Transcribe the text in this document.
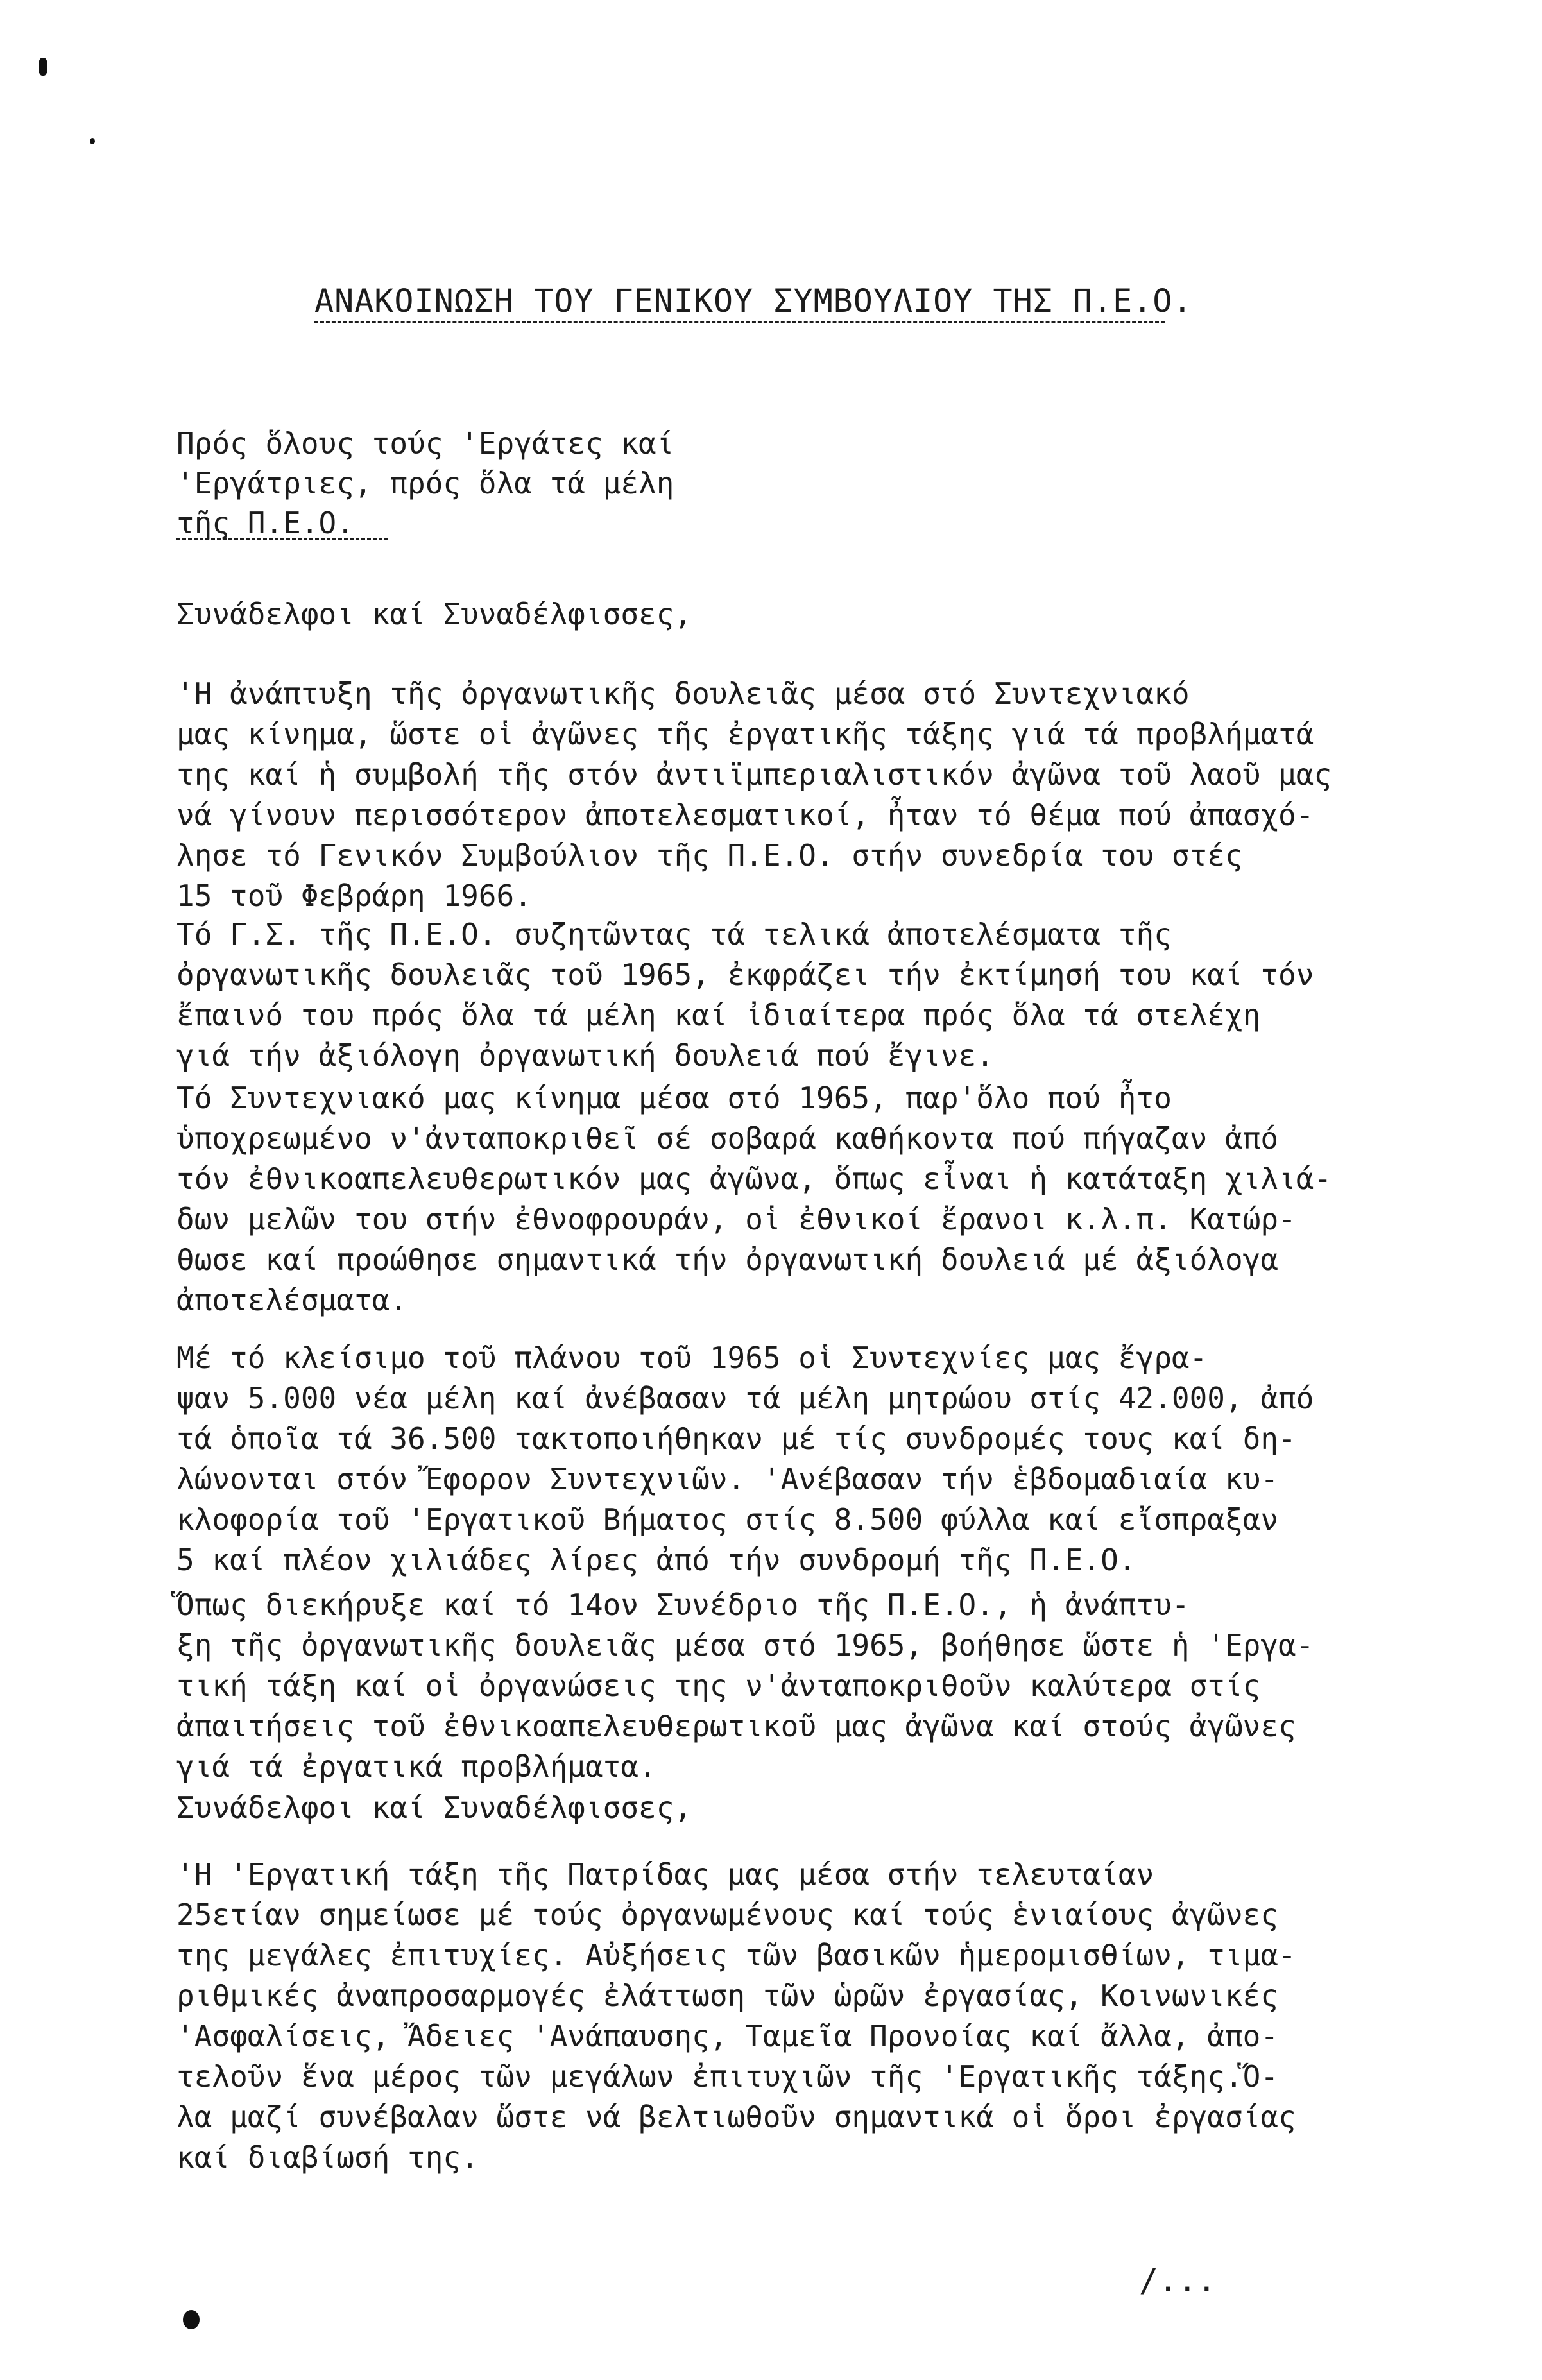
ΑΝΑΚΟΙΝΩΣΗ ΤΟΥ ΓΕΝΙΚΟΥ ΣΥΜΒΟΥΛΙΟΥ ΤΗΣ Π.Ε.Ο.
Πρός ὅλους τούς 'Εργάτες καί
'Εργάτριες, πρός ὅλα τά μέλη
τῆς Π.Ε.Ο.
Συνάδελφοι καί Συναδέλφισσες,
'Η ἀνάπτυξη τῆς ὀργανωτικῆς δουλειᾶς μέσα στό Συντεχνιακό
μας κίνημα, ὥστε οἱ ἀγῶνες τῆς ἐργατικῆς τάξης γιά τά προβλήματά
της καί ἡ συμβολή τῆς στόν ἀντιϊμπεριαλιστικόν ἀγῶνα τοῦ λαοῦ μας
νά γίνουν περισσότερον ἀποτελεσματικοί, ἦταν τό θέμα πού ἀπασχό-
λησε τό Γενικόν Συμβούλιον τῆς Π.Ε.Ο. στήν συνεδρία του στές
15 τοῦ Φεβράρη 1966.
Τό Γ.Σ. τῆς Π.Ε.Ο. συζητῶντας τά τελικά ἀποτελέσματα τῆς
ὀργανωτικῆς δουλειᾶς τοῦ 1965, ἐκφράζει τήν ἐκτίμησή του καί τόν
ἔπαινό του πρός ὅλα τά μέλη καί ἰδιαίτερα πρός ὅλα τά στελέχη
γιά τήν ἀξιόλογη ὀργανωτική δουλειά πού ἔγινε.
Τό Συντεχνιακό μας κίνημα μέσα στό 1965, παρ'ὅλο πού ἦτο
ὑποχρεωμένο ν'ἀνταποκριθεῖ σέ σοβαρά καθήκοντα πού πήγαζαν ἀπό
τόν ἐθνικοαπελευθερωτικόν μας ἀγῶνα, ὅπως εἶναι ἡ κατάταξη χιλιά-
δων μελῶν του στήν ἐθνοφρουράν, οἱ ἐθνικοί ἔρανοι κ.λ.π. Κατώρ-
θωσε καί προώθησε σημαντικά τήν ὀργανωτική δουλειά μέ ἀξιόλογα
ἀποτελέσματα.
Μέ τό κλείσιμο τοῦ πλάνου τοῦ 1965 οἱ Συντεχνίες μας ἔγρα-
ψαν 5.000 νέα μέλη καί ἀνέβασαν τά μέλη μητρώου στίς 42.000, ἀπό
τά ὁποῖα τά 36.500 τακτοποιήθηκαν μέ τίς συνδρομές τους καί δη-
λώνονται στόν Ἔφορον Συντεχνιῶν. 'Ανέβασαν τήν ἑβδομαδιαία κυ-
κλοφορία τοῦ 'Εργατικοῦ Βήματος στίς 8.500 φύλλα καί εἴσπραξαν
5 καί πλέον χιλιάδες λίρες ἀπό τήν συνδρομή τῆς Π.Ε.Ο.
Ὅπως διεκήρυξε καί τό 14ον Συνέδριο τῆς Π.Ε.Ο., ἡ ἀνάπτυ-
ξη τῆς ὀργανωτικῆς δουλειᾶς μέσα στό 1965, βοήθησε ὥστε ἡ 'Εργα-
τική τάξη καί οἱ ὀργανώσεις της ν'ἀνταποκριθοῦν καλύτερα στίς
ἀπαιτήσεις τοῦ ἐθνικοαπελευθερωτικοῦ μας ἀγῶνα καί στούς ἀγῶνες
γιά τά ἐργατικά προβλήματα.
Συνάδελφοι καί Συναδέλφισσες,
'Η 'Εργατική τάξη τῆς Πατρίδας μας μέσα στήν τελευταίαν
25ετίαν σημείωσε μέ τούς ὀργανωμένους καί τούς ἑνιαίους ἀγῶνες
της μεγάλες ἐπιτυχίες. Αὐξήσεις τῶν βασικῶν ἡμερομισθίων, τιμα-
ριθμικές ἀναπροσαρμογές ἐλάττωση τῶν ὡρῶν ἐργασίας, Κοινωνικές
'Ασφαλίσεις, Ἄδειες 'Ανάπαυσης, Ταμεῖα Προνοίας καί ἄλλα, ἀπο-
τελοῦν ἕνα μέρος τῶν μεγάλων ἐπιτυχιῶν τῆς 'Εργατικῆς τάξης.Ὅ-
λα μαζί συνέβαλαν ὥστε νά βελτιωθοῦν σημαντικά οἱ ὅροι ἐργασίας
καί διαβίωσή της.
/...
